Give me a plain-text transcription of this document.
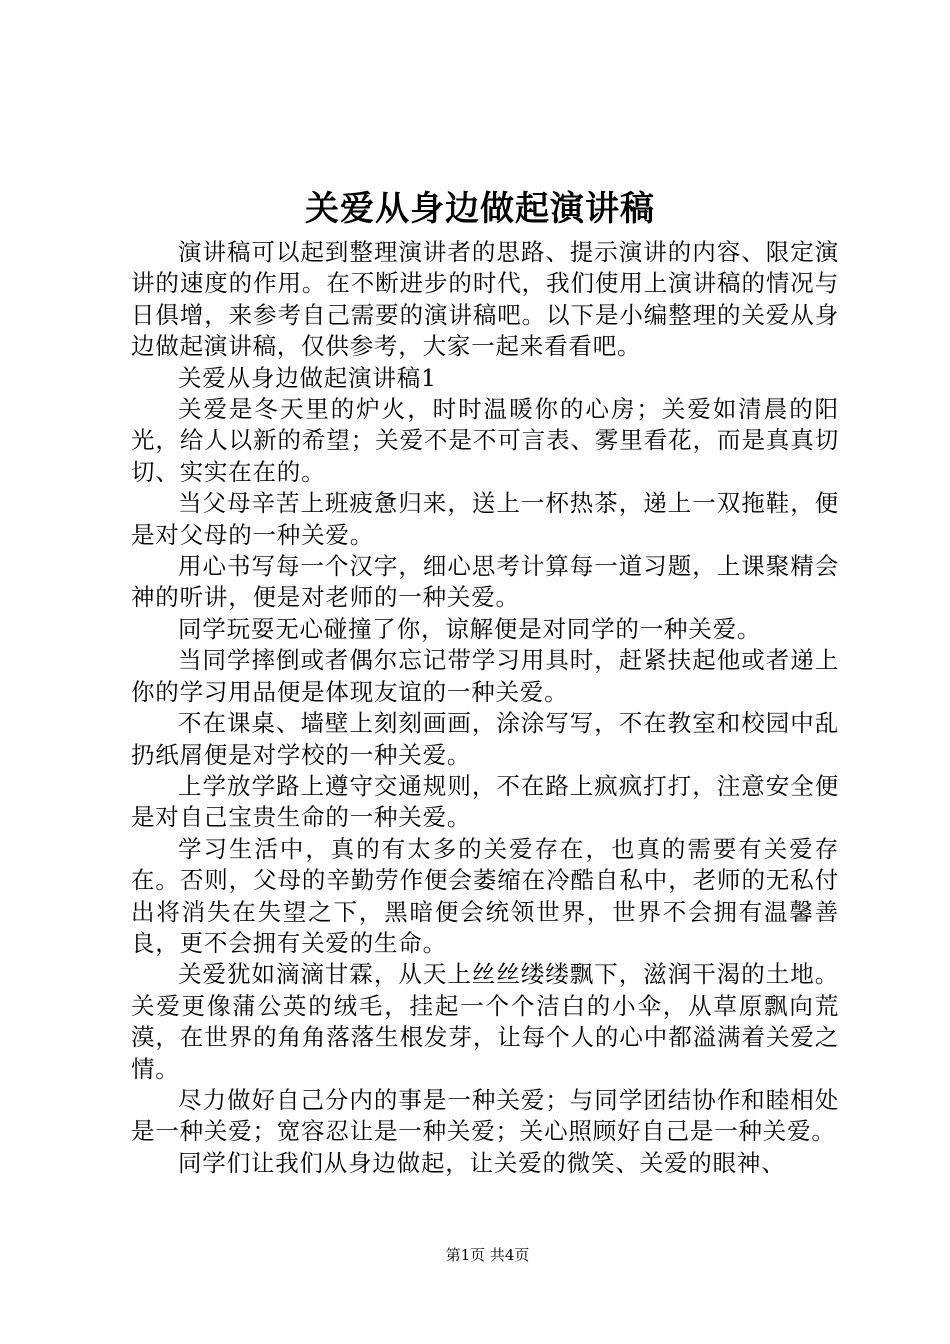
关爱从身边做起演讲稿

演讲稿可以起到整理演讲者的思路、提示演讲的内容、限定演讲的速度的作用。在不断进步的时代，我们使用上演讲稿的情况与日俱增，来参考自己需要的演讲稿吧。以下是小编整理的关爱从身边做起演讲稿，仅供参考，大家一起来看看吧。

关爱从身边做起演讲稿1

关爱是冬天里的炉火，时时温暖你的心房；关爱如清晨的阳光，给人以新的希望；关爱不是不可言表、雾里看花，而是真真切切、实实在在的。

当父母辛苦上班疲惫归来，送上一杯热茶，递上一双拖鞋，便是对父母的一种关爱。

用心书写每一个汉字，细心思考计算每一道习题，上课聚精会神的听讲，便是对老师的一种关爱。

同学玩耍无心碰撞了你，谅解便是对同学的一种关爱。

当同学摔倒或者偶尔忘记带学习用具时，赶紧扶起他或者递上你的学习用品便是体现友谊的一种关爱。

不在课桌、墙壁上刻刻画画，涂涂写写，不在教室和校园中乱扔纸屑便是对学校的一种关爱。

上学放学路上遵守交通规则，不在路上疯疯打打，注意安全便是对自己宝贵生命的一种关爱。

学习生活中，真的有太多的关爱存在，也真的需要有关爱存在。否则，父母的辛勤劳作便会萎缩在冷酷自私中，老师的无私付出将消失在失望之下，黑暗便会统领世界，世界不会拥有温馨善良，更不会拥有关爱的生命。

关爱犹如滴滴甘霖，从天上丝丝缕缕飘下，滋润干渴的土地。关爱更像蒲公英的绒毛，挂起一个个洁白的小伞，从草原飘向荒漠，在世界的角角落落生根发芽，让每个人的心中都溢满着关爱之情。

尽力做好自己分内的事是一种关爱；与同学团结协作和睦相处是一种关爱；宽容忍让是一种关爱；关心照顾好自己是一种关爱。

同学们让我们从身边做起，让关爱的微笑、关爱的眼神、

第1页 共4页
